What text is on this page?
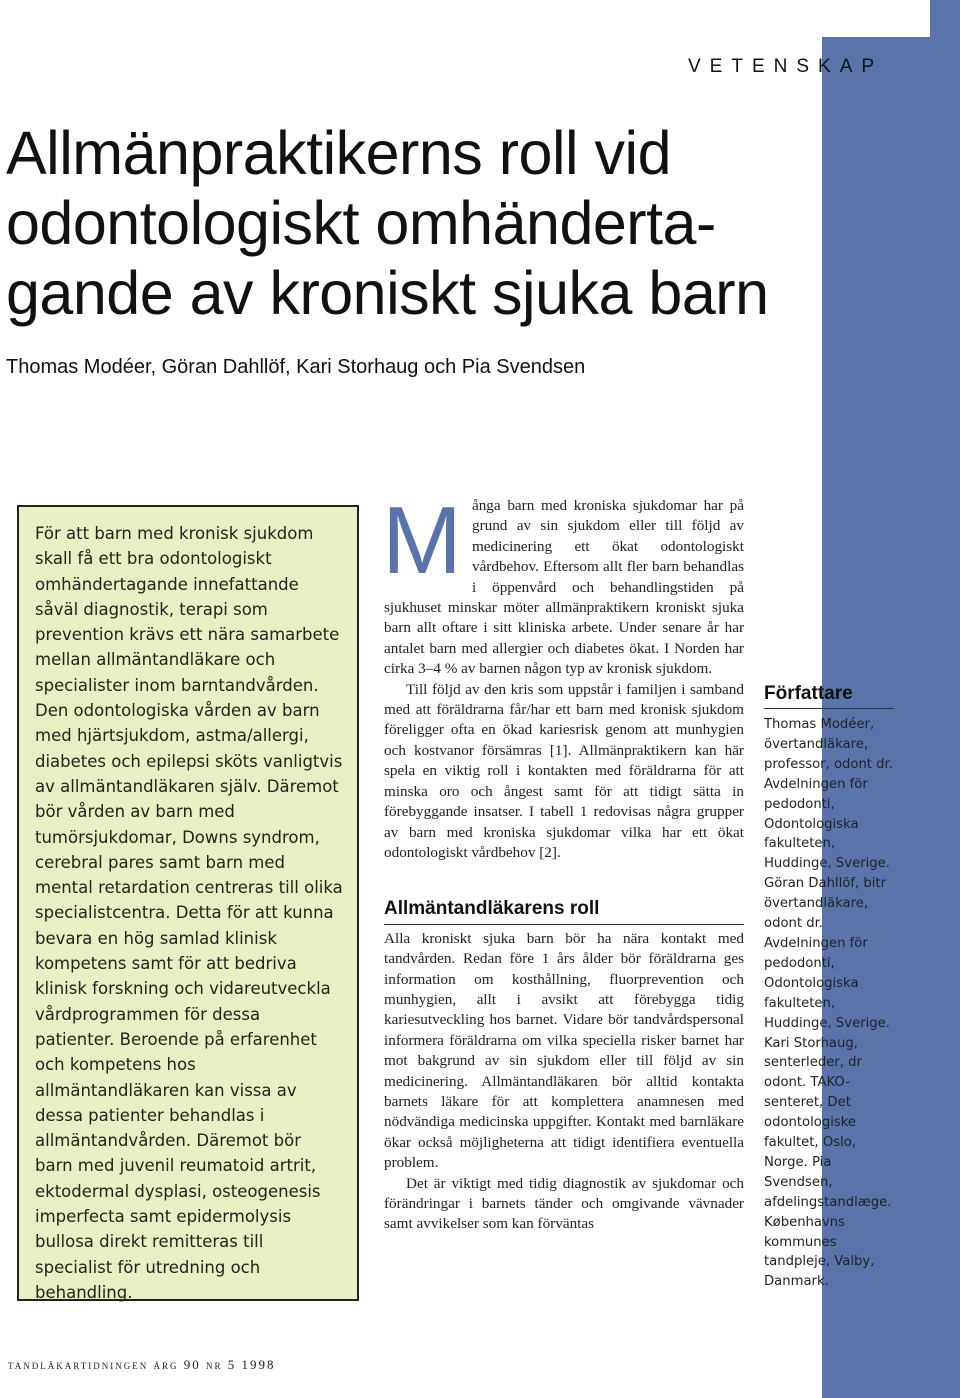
VETENSKAP
Allmänpraktikerns roll vid odontologiskt omhänderta-gande av kroniskt sjuka barn
Thomas Modéer, Göran Dahllöf, Kari Storhaug och Pia Svendsen

För att barn med kronisk sjukdom skall få ett bra odontologiskt omhändertagande innefattande såväl diagnostik, terapi som prevention krävs ett nära samarbete mellan allmäntandläkare och specialister inom barntandvården. Den odontologiska vården av barn med hjärtsjukdom, astma/allergi, diabetes och epilepsi sköts vanligtvis av allmäntandläkaren själv. Däremot bör vården av barn med tumörsjukdomar, Downs syndrom, cerebral pares samt barn med mental retardation centreras till olika specialistcentra. Detta för att kunna bevara en hög samlad klinisk kompetens samt för att bedriva klinisk forskning och vidareutveckla vårdprogrammen för dessa patienter. Beroende på erfarenhet och kompetens hos allmäntandläkaren kan vissa av dessa patienter behandlas i allmäntandvården. Däremot bör barn med juvenil reumatoid artrit, ektodermal dysplasi, osteogenesis imperfecta samt epidermolysis bullosa direkt remitteras till specialist för utredning och behandling.

Många barn med kroniska sjukdomar har på grund av sin sjukdom eller till följd av medicinering ett ökat odontologiskt vårdbehov. Eftersom allt fler barn behandlas i öppenvård och behandlingstiden på sjukhuset minskar möter allmänpraktikern kroniskt sjuka barn allt oftare i sitt kliniska arbete. Under senare år har antalet barn med allergier och diabetes ökat. I Norden har cirka 3–4 % av barnen någon typ av kronisk sjukdom.

Till följd av den kris som uppstår i familjen i samband med att föräldrarna får/har ett barn med kronisk sjukdom föreligger ofta en ökad kariesrisk genom att munhygien och kostvanor försämras [1]. Allmänpraktikern kan här spela en viktig roll i kontakten med föräldrarna för att minska oro och ångest samt för att tidigt sätta in förebyggande insatser. I tabell 1 redovisas några grupper av barn med kroniska sjukdomar vilka har ett ökat odontologiskt vårdbehov [2].

Allmäntandläkarens roll

Alla kroniskt sjuka barn bör ha nära kontakt med tandvården. Redan före 1 års ålder bör föräldrarna ges information om kosthållning, fluorprevention och munhygien, allt i avsikt att förebygga tidig kariesutveckling hos barnet. Vidare bör tandvårdspersonal informera föräldrarna om vilka speciella risker barnet har mot bakgrund av sin sjukdom eller till följd av sin medicinering. Allmäntandläkaren bör alltid kontakta barnets läkare för att komplettera anamnesen med nödvändiga medicinska uppgifter. Kontakt med barnläkare ökar också möjligheterna att tidigt identifiera eventuella problem.

Det är viktigt med tidig diagnostik av sjukdomar och förändringar i barnets tänder och omgivande vävnader samt avvikelser som kan förväntas

Författare

Thomas Modéer, övertandläkare, professor, odont dr. Avdelningen för pedodonti, Odontologiska fakulteten, Huddinge, Sverige. Göran Dahllöf, bitr övertandläkare, odont dr. Avdelningen för pedodonti, Odontologiska fakulteten, Huddinge, Sverige. Kari Storhaug, senterleder, dr odont. TAKO-senteret, Det odontologiske fakultet, Oslo, Norge. Pia Svendsen, afdelingstandlæge. Københavns kommunes tandpleje, Valby, Danmark.

tandläkartidningen årg 90 nr 5 1998
